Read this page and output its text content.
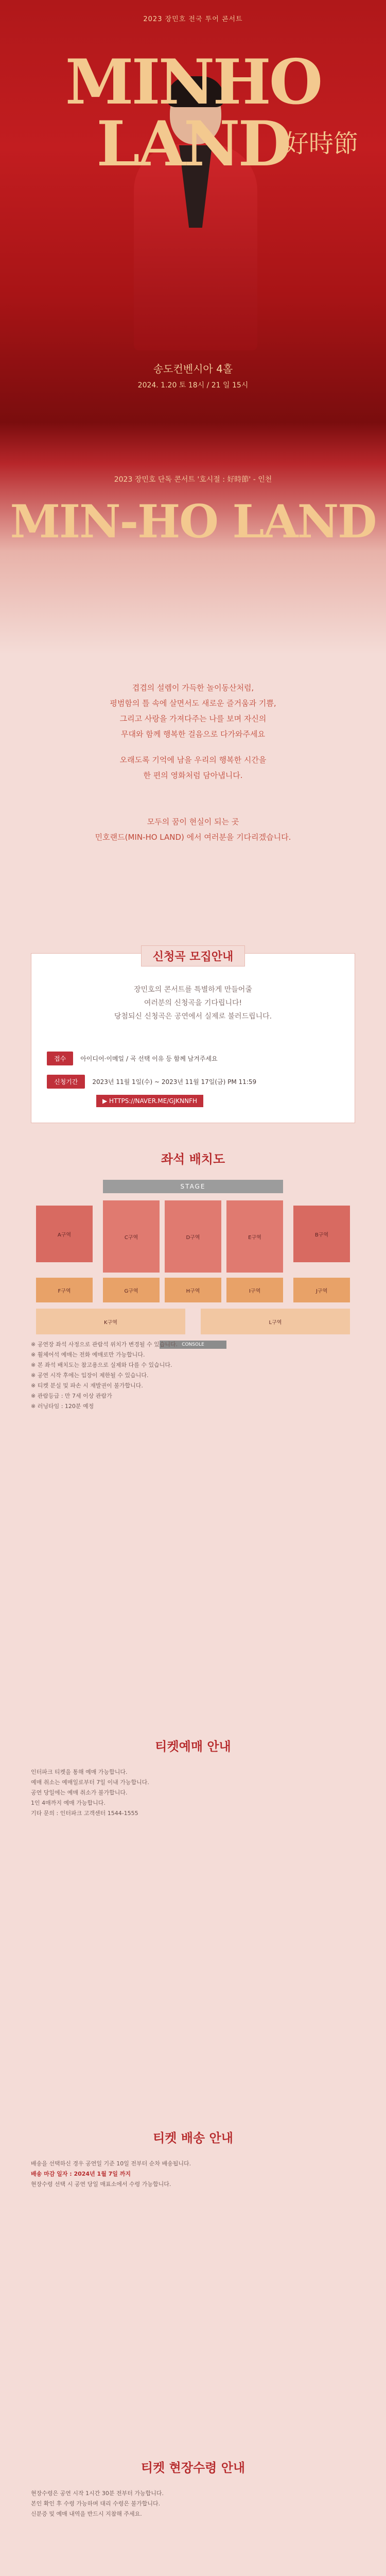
2023 장민호 전국 투어 콘서트
MINHO LAND
好時節
송도컨벤시아 4홀
2024. 1.20 토 18시 / 21 일 15시
2023 장민호 단독 콘서트 '호시절 : 好時節' - 인천
MIN-HO LAND
겹겹의 설렘이 가득한 놀이동산처럼,
평범함의 틀 속에 살면서도 새로운 즐거움과 기쁨,
그리고 사랑을 가져다주는 나를 보며 자신의
무대와 함께 행복한 걸음으로 다가와주세요
오래도록 기억에 남을 우리의 행복한 시간을
한 편의 영화처럼 담아냅니다.
모두의 꿈이 현실이 되는 곳
민호랜드(MIN-HO LAND) 에서 여러분을 기다리겠습니다.
신청곡 모집안내
장민호의 콘서트를 특별하게 만들어줄
여러분의 신청곡을 기다립니다!
당첨되신 신청곡은 공연에서 실제로 불러드립니다.
접수	아이디어·이메일 / 곡 선택 이유 등 함께 남겨주세요
신청기간	2023년 11월 1일(수) ~ 2023년 11월 17일(금) PM 11:59
▶ HTTPS://NAVER.ME/GJKNNFH
좌석 배치도
STAGE
A구역	B구역
C구역	D구역	E구역
F구역	G구역	H구역	I구역	J구역
K구역	L구역
CONSOLE
※ 공연장 좌석 사정으로 관람석 위치가 변경될 수 있습니다.
※ 휠체어석 예매는 전화 예매로만 가능합니다.
※ 본 좌석 배치도는 참고용으로 실제와 다를 수 있습니다.
※ 공연 시작 후에는 입장이 제한될 수 있습니다.
※ 티켓 분실 및 파손 시 재발권이 불가합니다.
※ 관람등급 : 만 7세 이상 관람가
※ 러닝타임 : 120분 예정
티켓예매 안내
인터파크 티켓을 통해 예매 가능합니다.
예매 취소는 예매일로부터 7일 이내 가능합니다.
공연 당일에는 예매 취소가 불가합니다.
1인 4매까지 예매 가능합니다.
기타 문의 : 인터파크 고객센터 1544-1555
티켓 배송 안내
배송을 선택하신 경우 공연일 기준 10일 전부터 순차 배송됩니다.
배송 마감 일자 : 2024년 1월 7일 까지
현장수령 선택 시 공연 당일 매표소에서 수령 가능합니다.
티켓 현장수령 안내
현장수령은 공연 시작 1시간 30분 전부터 가능합니다.
본인 확인 후 수령 가능하며 대리 수령은 불가합니다.
신분증 및 예매 내역을 반드시 지참해 주세요.
